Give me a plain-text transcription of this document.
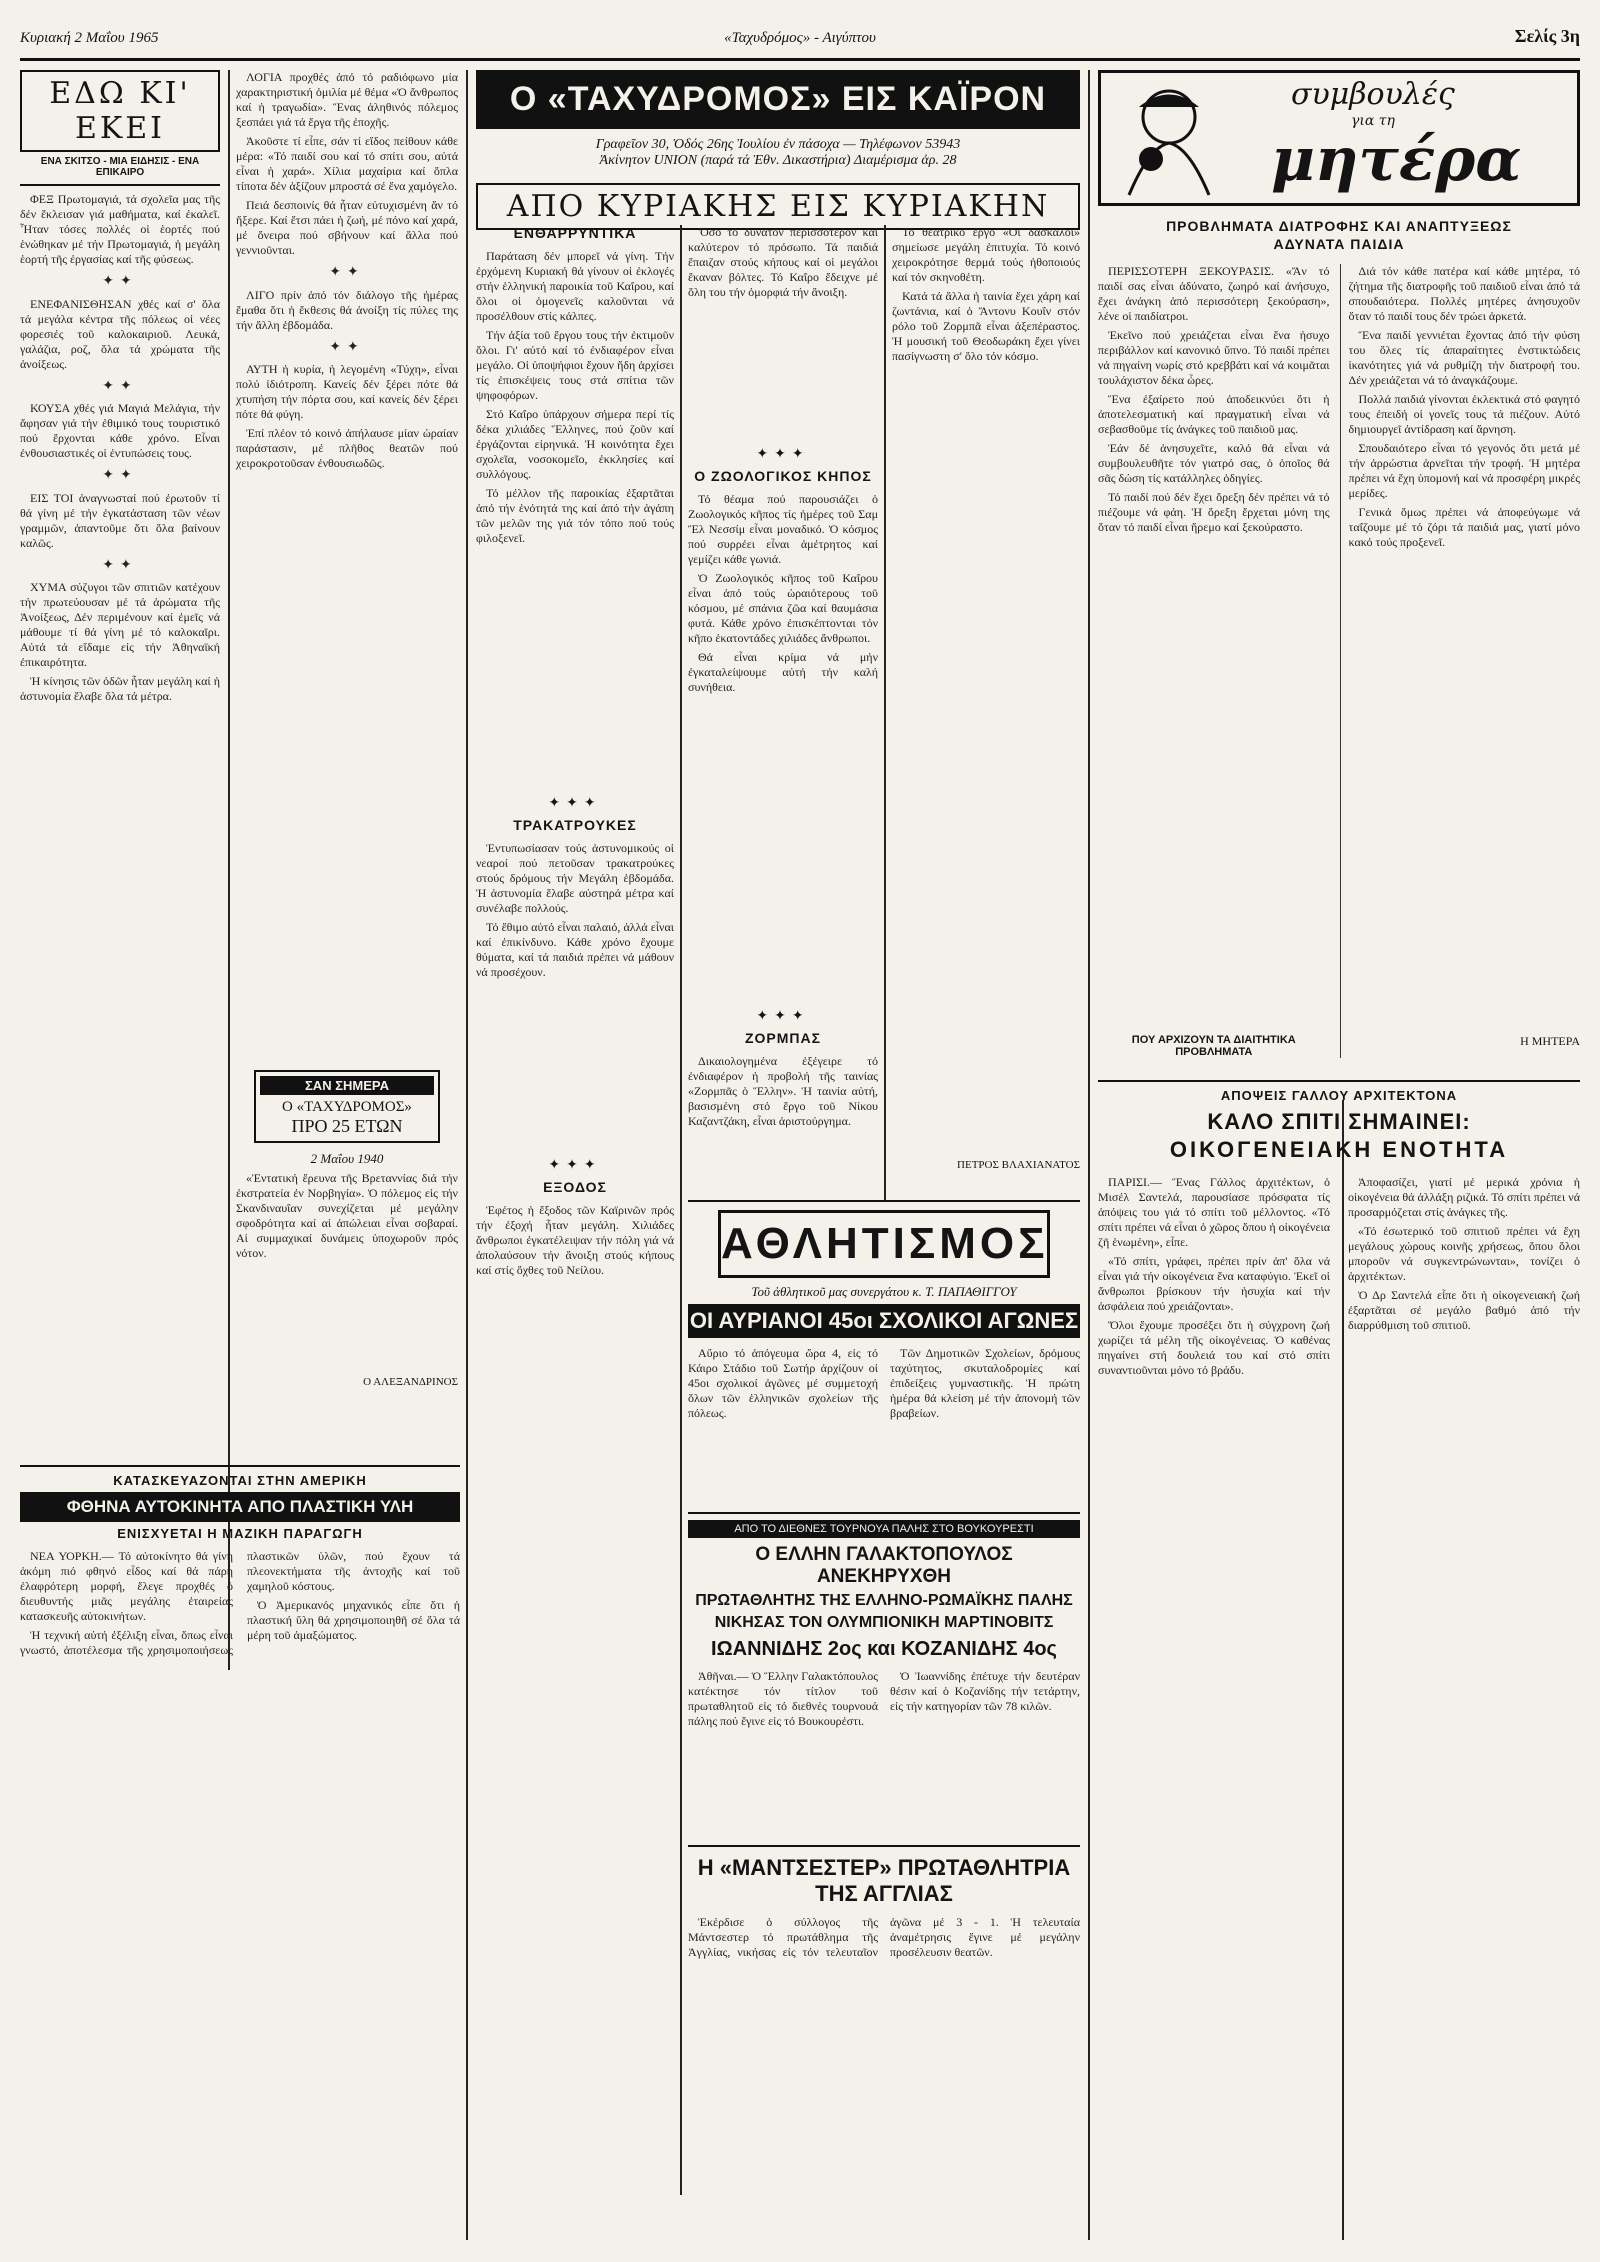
Κυριακή 2 Μαΐου 1965	«Ταχυδρόμος» - Αιγύπτου	Σελίς 3η
ΕΔΩ ΚΙ' ΕΚΕΙ
ΕΝΑ ΣΚΙΤΣΟ - ΜΙΑ ΕΙΔΗΣΙΣ - ΕΝΑ ΕΠΙΚΑΙΡΟ

ΦΕΞ Πρωτομαγιά, τά σχολεῖα μας τῆς δέν ἔκλεισαν γιά μαθήματα, καί ἐκαλεῖ. Ἦταν τόσες πολλές οἱ ἑορτές πού ἑνώθηκαν μέ τήν Πρωτομαγιά, ἡ μεγάλη ἑορτή τῆς ἐργασίας καί τῆς φύσεως.

✦✦

ΕΝΕΦΑΝΙΣΘΗΣΑΝ χθές καί σ' ὅλα τά μεγάλα κέντρα τῆς πόλεως οἱ νέες φορεσιές τοῦ καλοκαιριοῦ. Λευκά, γαλάζια, ροζ, ὅλα τά χρώματα τῆς ἀνοίξεως.

✦✦

ΚΟΥΣΑ χθές γιά Μαγιά Μελάγια, τήν ἄφησαν γιά τήν ἐθιμικό τους τουριστικό πού ἔρχονται κάθε χρόνο. Εἶναι ἐνθουσιαστικές οἱ ἐντυπώσεις τους.

✦✦

ΕΙΣ ΤΟΙ ἀναγνωσταί πού ἐρωτοῦν τί θά γίνη μέ τήν ἐγκατάσταση τῶν νέων γραμμῶν, ἀπαντοῦμε ὅτι ὅλα βαίνουν καλῶς.

✦✦

ΧΥΜΑ σύζυγοι τῶν σπιτιῶν κατέχουν τήν πρωτεύουσαν μέ τά ἀρώματα τῆς Ἀνοίξεως, Δέν περιμένουν καί ἐμεῖς νά μάθουμε τί θά γίνη μέ τό καλοκαῖρι. Αὐτά τά εἴδαμε εἰς τήν Ἀθηναϊκή ἐπικαιρότητα.

Ἡ κίνησις τῶν ὁδῶν ἦταν μεγάλη καί ἡ ἀστυνομία ἔλαβε ὅλα τά μέτρα.

ΚΑΤΑΣΚΕΥΑΖΟΝΤΑΙ ΣΤΗΝ ΑΜΕΡΙΚΗ
ΦΘΗΝΑ ΑΥΤΟΚΙΝΗΤΑ ΑΠΟ ΠΛΑΣΤΙΚΗ ΥΛΗ
ΕΝΙΣΧΥΕΤΑΙ Η ΜΑΖΙΚΗ ΠΑΡΑΓΩΓΗ

ΝΕΑ ΥΟΡΚΗ.— Τό αὐτοκίνητο θά γίνη ἀκόμη πιό φθηνό εἶδος καί θά πάρη ἐλαφρότερη μορφή, ἔλεγε προχθές ὁ διευθυντής μιᾶς μεγάλης ἐταιρείας κατασκευῆς αὐτοκινήτων.

Ἡ τεχνική αὐτή ἐξέλιξη εἶναι, ὅπως εἶναι γνωστό, ἀποτέλεσμα τῆς χρησιμοποιήσεως πλαστικῶν ὑλῶν, πού ἔχουν τά πλεονεκτήματα τῆς ἀντοχῆς καί τοῦ χαμηλοῦ κόστους.

Ὁ Ἀμερικανός μηχανικός εἶπε ὅτι ἡ πλαστική ὕλη θά χρησιμοποιηθῆ σέ ὅλα τά μέρη τοῦ ἀμαξώματος.

ΛΟΓΙΑ προχθές ἀπό τό ραδιόφωνο μία χαρακτηριστική ὁμιλία μέ θέμα «Ὁ ἄνθρωπος καί ἡ τραγωδία». Ἕνας ἀληθινός πόλεμος ξεσπάει γιά τά ἔργα τῆς ἐποχῆς.

Ἀκοῦστε τί εἶπε, σάν τί εἴδος πείθουν κάθε μέρα: «Τό παιδί σου καί τό σπίτι σου, αὐτά εἶναι ἡ χαρά». Χίλια μαχαίρια καί ὅπλα τίποτα δέν ἀξίζουν μπροστά σέ ἕνα χαμόγελο.

Πειά δεσποινίς θά ἦταν εὐτυχισμένη ἄν τό ἤξερε. Καί ἔτσι πάει ἡ ζωή, μέ πόνο καί χαρά, μέ ὄνειρα πού σβήνουν καί ἄλλα πού γεννιοῦνται.

✦✦

ΛΙΓΟ πρίν ἀπό τόν διάλογο τῆς ἡμέρας ἔμαθα ὅτι ἡ ἔκθεσις θά ἀνοίξη τίς πύλες της τήν ἄλλη ἑβδομάδα.

✦✦

ΑΥΤΗ ἡ κυρία, ἡ λεγομένη «Τύχη», εἶναι πολύ ἰδιότροπη. Κανείς δέν ξέρει πότε θά χτυπήση τήν πόρτα σου, καί κανείς δέν ξέρει πότε θά φύγη.

Ἐπί πλέον τό κοινό ἀπήλαυσε μίαν ὡραίαν παράστασιν, μέ πλῆθος θεατῶν πού χειροκροτοῦσαν ἐνθουσιωδῶς.

ΣΑΝ ΣΗΜΕΡΑ
Ο «ΤΑΧΥΔΡΟΜΟΣ»
ΠΡΟ 25 ΕΤΩΝ
2 Μαΐου 1940

«Ἐντατική ἔρευνα τῆς Βρεταννίας διά τήν ἐκστρατεία ἐν Νορβηγία». Ὁ πόλεμος εἰς τήν Σκανδιναυΐαν συνεχίζεται μέ μεγάλην σφοδρότητα καί αἱ ἀπώλειαι εἶναι σοβαραί. Αἱ συμμαχικαί δυνάμεις ὑποχωροῦν πρός νότον.

Ο ΑΛΕΞΑΝΔΡΙΝΟΣ
Ο «ΤΑΧΥΔΡΟΜΟΣ» ΕΙΣ ΚΑΪΡΟΝ
Γραφεῖον 30, Ὁδός 26ης Ἰουλίου ἐν πάσοχα — Τηλέφωνον 53943
Ἀκίνητον UNION (παρά τά Ἐθν. Δικαστήρια) Διαμέρισμα ἀρ. 28
ΑΠΟ ΚΥΡΙΑΚΗΣ ΕΙΣ ΚΥΡΙΑΚΗΝ
ΕΝΘΑΡΡΥΝΤΙΚΑ

Παράταση δέν μπορεῖ νά γίνη. Τήν ἐρχόμενη Κυριακή θά γίνουν οἱ ἐκλογές στήν ἑλληνική παροικία τοῦ Καΐρου, καί ὅλοι οἱ ὁμογενεῖς καλοῦνται νά προσέλθουν στίς κάλπες.

Τήν ἀξία τοῦ ἔργου τους τήν ἐκτιμοῦν ὅλοι. Γι' αὐτό καί τό ἐνδιαφέρον εἶναι μεγάλο. Οἱ ὑποψήφιοι ἔχουν ἤδη ἀρχίσει τίς ἐπισκέψεις τους στά σπίτια τῶν ψηφοφόρων.

Στό Καΐρο ὑπάρχουν σήμερα περί τίς δέκα χιλιάδες Ἕλληνες, πού ζοῦν καί ἐργάζονται εἰρηνικά. Ἡ κοινότητα ἔχει σχολεῖα, νοσοκομεῖο, ἐκκλησίες καί συλλόγους.

Τό μέλλον τῆς παροικίας ἐξαρτᾶται ἀπό τήν ἑνότητά της καί ἀπό τήν ἀγάπη τῶν μελῶν της γιά τόν τόπο πού τούς φιλοξενεῖ.

✦✦✦
ΤΡΑΚΑΤΡΟΥΚΕΣ

Ἐντυπωσίασαν τούς ἀστυνομικούς οἱ νεαροί πού πετοῦσαν τρακατρούκες στούς δρόμους τήν Μεγάλη ἑβδομάδα. Ἡ ἀστυνομία ἔλαβε αὐστηρά μέτρα καί συνέλαβε πολλούς.

Τό ἔθιμο αὐτό εἶναι παλαιό, ἀλλά εἶναι καί ἐπικίνδυνο. Κάθε χρόνο ἔχουμε θύματα, καί τά παιδιά πρέπει νά μάθουν νά προσέχουν.

✦✦✦
ΕΞΟΔΟΣ

Ἐφέτος ἡ ἔξοδος τῶν Καϊρινῶν πρός τήν ἐξοχή ἦταν μεγάλη. Χιλιάδες ἄνθρωποι ἐγκατέλειψαν τήν πόλη γιά νά ἀπολαύσουν τήν ἄνοιξη στούς κήπους καί στίς ὄχθες τοῦ Νείλου.

Ὅσο τό δυνατόν περισσότερον καί καλύτερον τό πρόσωπο. Τά παιδιά ἔπαιζαν στούς κήπους καί οἱ μεγάλοι ἔκαναν βόλτες. Τό Καΐρο ἔδειχνε μέ ὅλη του τήν ὀμορφιά τήν ἄνοιξη.

✦✦✦
Ο ΖΩΟΛΟΓΙΚΟΣ ΚΗΠΟΣ

Τό θέαμα πού παρουσιάζει ὁ Ζωολογικός κῆπος τίς ἡμέρες τοῦ Σαμ Ἔλ Νεσσίμ εἶναι μοναδικό. Ὁ κόσμος πού συρρέει εἶναι ἀμέτρητος καί γεμίζει κάθε γωνιά.

Ὁ Ζωολογικός κῆπος τοῦ Καΐρου εἶναι ἀπό τούς ὡραιότερους τοῦ κόσμου, μέ σπάνια ζῶα καί θαυμάσια φυτά. Κάθε χρόνο ἐπισκέπτονται τόν κῆπο ἑκατοντάδες χιλιάδες ἄνθρωποι.

Θά εἶναι κρίμα νά μήν ἐγκαταλείψουμε αὐτή τήν καλή συνήθεια.

✦✦✦
ΖΟΡΜΠΑΣ

Δικαιολογημένα ἐξέγειρε τό ἐνδιαφέρον ἡ προβολή τῆς ταινίας «Ζορμπᾶς ὁ Ἕλλην». Ἡ ταινία αὐτή, βασισμένη στό ἔργο τοῦ Νίκου Καζαντζάκη, εἶναι ἀριστούργημα.

Τό θεατρικό ἔργο «Οἱ δάσκαλοι» σημείωσε μεγάλη ἐπιτυχία. Τό κοινό χειροκρότησε θερμά τούς ἠθοποιούς καί τόν σκηνοθέτη.

Κατά τά ἄλλα ἡ ταινία ἔχει χάρη καί ζωντάνια, καί ὁ Ἄντονυ Κουΐν στόν ρόλο τοῦ Ζορμπᾶ εἶναι ἀξεπέραστος. Ἡ μουσική τοῦ Θεοδωράκη ἔχει γίνει πασίγνωστη σ' ὅλο τόν κόσμο.

ΠΕΤΡΟΣ ΒΛΑΧΙΑΝΑΤΟΣ
ΑΘΛΗΤΙΣΜΟΣ
Τοῦ ἀθλητικοῦ μας συνεργάτου κ. Τ. ΠΑΠΑΘΙΓΓΟΥ
ΟΙ ΑΥΡΙΑΝΟΙ 45οι ΣΧΟΛΙΚΟΙ ΑΓΩΝΕΣ

Αὔριο τό ἀπόγευμα ὥρα 4, εἰς τό Κάιρο Στάδιο τοῦ Σωτήρ ἀρχίζουν οἱ 45οι σχολικοί ἀγῶνες μέ συμμετοχή ὅλων τῶν ἑλληνικῶν σχολείων τῆς πόλεως.

Τῶν Δημοτικῶν Σχολείων, δρόμους ταχύτητος, σκυταλοδρομίες καί ἐπιδείξεις γυμναστικῆς. Ἡ πρώτη ἡμέρα θά κλείση μέ τήν ἀπονομή τῶν βραβείων.

ΑΠΟ ΤΟ ΔΙΕΘΝΕΣ ΤΟΥΡΝΟΥΑ ΠΑΛΗΣ ΣΤΟ ΒΟΥΚΟΥΡΕΣΤΙ
Ο ΕΛΛΗΝ ΓΑΛΑΚΤΟΠΟΥΛΟΣ ΑΝΕΚΗΡΥΧΘΗ
ΠΡΩΤΑΘΛΗΤΗΣ ΤΗΣ ΕΛΛΗΝΟ-ΡΩΜΑΪΚΗΣ ΠΑΛΗΣ
ΝΙΚΗΣΑΣ ΤΟΝ ΟΛΥΜΠΙΟΝΙΚΗ ΜΑΡΤΙΝΟΒΙΤΣ
ΙΩΑΝΝΙΔΗΣ 2ος και ΚΟΖΑΝΙΔΗΣ 4ος

Ἀθῆναι.— Ὁ Ἕλλην Γαλακτόπουλος κατέκτησε τόν τίτλον τοῦ πρωταθλητοῦ εἰς τό διεθνές τουρνουά πάλης πού ἔγινε εἰς τό Βουκουρέστι.

Ὁ Ἰωαννίδης ἐπέτυχε τήν δευτέραν θέσιν καί ὁ Κοζανίδης τήν τετάρτην, εἰς τήν κατηγορίαν τῶν 78 κιλῶν.

Η «ΜΑΝΤΣΕΣΤΕΡ» ΠΡΩΤΑΘΛΗΤΡΙΑ ΤΗΣ ΑΓΓΛΙΑΣ

Ἐκέρδισε ὁ σύλλογος τῆς Μάντσεστερ τό πρωτάθλημα τῆς Ἀγγλίας, νικήσας εἰς τόν τελευταῖον ἀγῶνα μέ 3 - 1. Ἡ τελευταία ἀναμέτρησις ἔγινε μέ μεγάλην προσέλευσιν θεατῶν.

συμβουλές
για τη
μητέρα
ΠΡΟΒΛΗΜΑΤΑ ΔΙΑΤΡΟΦΗΣ ΚΑΙ ΑΝΑΠΤΥΞΕΩΣ
ΑΔΥΝΑΤΑ ΠΑΙΔΙΑ

ΠΕΡΙΣΣΟΤΕΡΗ ΞΕΚΟΥΡΑΣΙΣ. «Ἄν τό παιδί σας εἶναι ἀδύνατο, ζωηρό καί ἀνήσυχο, ἔχει ἀνάγκη ἀπό περισσότερη ξεκούραση», λένε οἱ παιδίατροι.

Ἐκεῖνο πού χρειάζεται εἶναι ἕνα ἡσυχο περιβάλλον καί κανονικό ὕπνο. Τό παιδί πρέπει νά πηγαίνη νωρίς στό κρεββάτι καί νά κοιμᾶται τουλάχιστον δέκα ὧρες.

Ἕνα ἐξαίρετο πού ἀποδεικνύει ὅτι ἡ ἀποτελεσματική καί πραγματική εἶναι νά σεβασθοῦμε τίς ἀνάγκες τοῦ παιδιοῦ μας.

Ἐάν δέ ἀνησυχεῖτε, καλό θά εἶναι νά συμβουλευθῆτε τόν γιατρό σας, ὁ ὁποῖος θά σᾶς δώση τίς κατάλληλες ὁδηγίες.

Τό παιδί πού δέν ἔχει ὄρεξη δέν πρέπει νά τό πιέζουμε νά φάη. Ἡ ὄρεξη ἔρχεται μόνη της ὅταν τό παιδί εἶναι ἤρεμο καί ξεκούραστο.

ΠΟΥ ΑΡΧΙΖΟΥΝ ΤΑ ΔΙΑΙΤΗΤΙΚΑ ΠΡΟΒΛΗΜΑΤΑ

Διά τόν κάθε πατέρα καί κάθε μητέρα, τό ζήτημα τῆς διατροφῆς τοῦ παιδιοῦ εἶναι ἀπό τά σπουδαιότερα. Πολλές μητέρες ἀνησυχοῦν ὅταν τό παιδί τους δέν τρώει ἀρκετά.

Ἕνα παιδί γεννιέται ἔχοντας ἀπό τήν φύση του ὅλες τίς ἀπαραίτητες ἐνστικτώδεις ἱκανότητες γιά νά ρυθμίζη τήν διατροφή του. Δέν χρειάζεται νά τό ἀναγκάζουμε.

Πολλά παιδιά γίνονται ἐκλεκτικά στό φαγητό τους ἐπειδή οἱ γονεῖς τους τά πιέζουν. Αὐτό δημιουργεῖ ἀντίδραση καί ἄρνηση.

Σπουδαιότερο εἶναι τό γεγονός ὅτι μετά μέ τήν ἀρρώστια ἀρνεῖται τήν τροφή. Ἡ μητέρα πρέπει νά ἔχη ὑπομονή καί νά προσφέρη μικρές μερίδες.

Γενικά ὅμως πρέπει νά ἀποφεύγωμε νά ταΐζουμε μέ τό ζόρι τά παιδιά μας, γιατί μόνο κακό τούς προξενεῖ.

Η ΜΗΤΕΡΑ
ΑΠΟΨΕΙΣ ΓΑΛΛΟΥ ΑΡΧΙΤΕΚΤΟΝΑ
ΚΑΛΟ ΣΠΙΤΙ ΣΗΜΑΙΝΕΙ:
ΟΙΚΟΓΕΝΕΙΑΚΗ ΕΝΟΤΗΤΑ

ΠΑΡΙΣΙ.— Ἕνας Γάλλος ἀρχιτέκτων, ὁ Μισέλ Σαντελά, παρουσίασε πρόσφατα τίς ἀπόψεις του γιά τό σπίτι τοῦ μέλλοντος. «Τό σπίτι πρέπει νά εἶναι ὁ χῶρος ὅπου ἡ οἰκογένεια ζῆ ἑνωμένη», εἶπε.

«Τό σπίτι, γράφει, πρέπει πρίν ἀπ' ὅλα νά εἶναι γιά τήν οἰκογένεια ἕνα καταφύγιο. Ἐκεῖ οἱ ἄνθρωποι βρίσκουν τήν ἡσυχία καί τήν ἀσφάλεια πού χρειάζονται».

Ὅλοι ἔχουμε προσέξει ὅτι ἡ σύγχρονη ζωή χωρίζει τά μέλη τῆς οἰκογένειας. Ὁ καθένας πηγαίνει στή δουλειά του καί στό σπίτι συναντιοῦνται μόνο τό βράδυ.

Ἀποφασίζει, γιατί μέ μερικά χρόνια ἡ οἰκογένεια θά ἀλλάξη ριζικά. Τό σπίτι πρέπει νά προσαρμόζεται στίς ἀνάγκες τῆς.

«Τό ἐσωτερικό τοῦ σπιτιοῦ πρέπει νά ἔχη μεγάλους χώρους κοινῆς χρήσεως, ὅπου ὅλοι μποροῦν νά συγκεντρώνωνται», τονίζει ὁ ἀρχιτέκτων.

Ὁ Δρ Σαντελά εἶπε ὅτι ἡ οἰκογενειακή ζωή ἐξαρτᾶται σέ μεγάλο βαθμό ἀπό τήν διαρρύθμιση τοῦ σπιτιοῦ.
